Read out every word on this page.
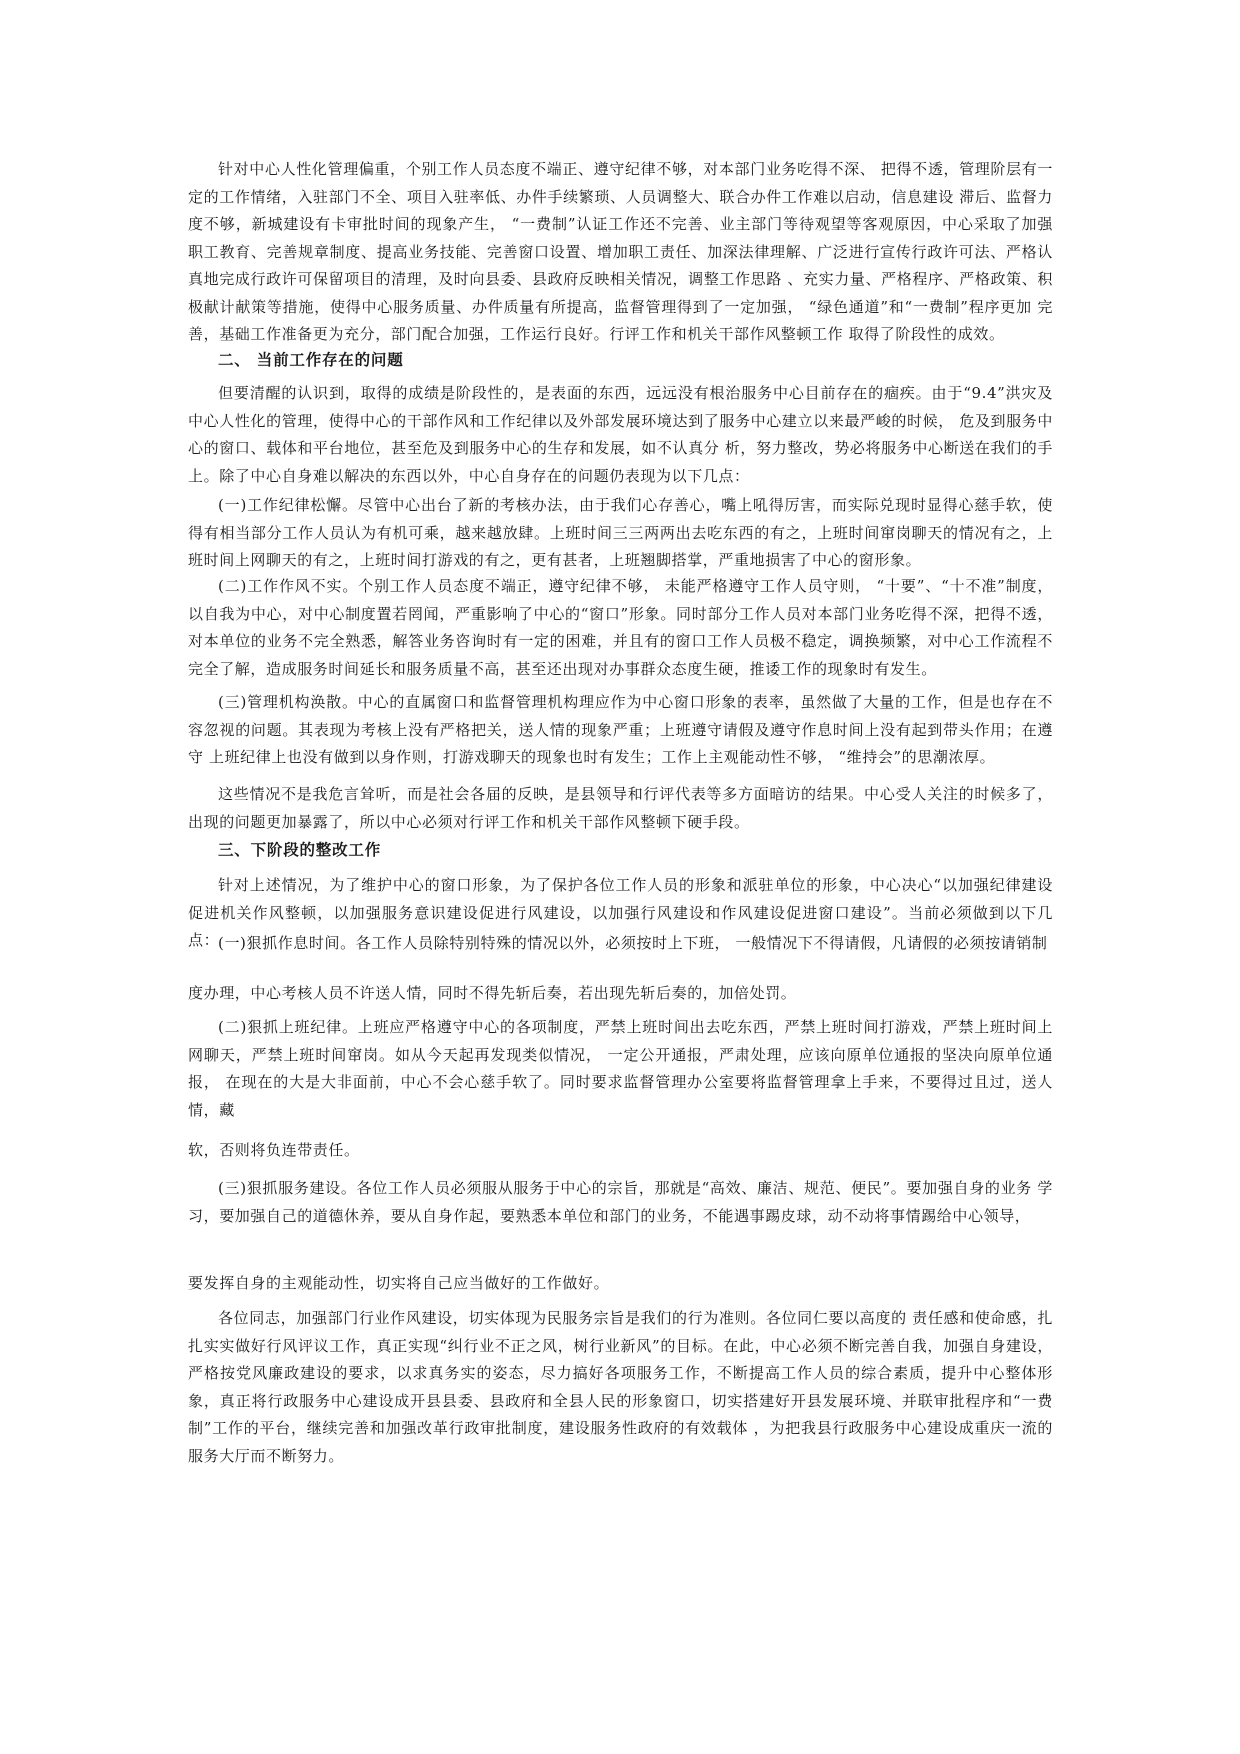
针对中心人性化管理偏重，个别工作人员态度不端正、遵守纪律不够，对本部门业务吃得不深、 把得不透，管理阶层有一 定的工作情绪，入驻部门不全、项目入驻率低、办件手续繁琐、人员调整大、联合办件工作难以启动，信息建设 滞后、监督力 度不够，新城建设有卡审批时间的现象产生， “一费制”认证工作还不完善、业主部门等待观望等客观原因，中心采取了加强 职工教育、完善规章制度、提高业务技能、完善窗口设置、增加职工责任、加深法律理解、广泛进行宣传行政许可法、严格认 真地完成行政许可保留项目的清理，及时向县委、县政府反映相关情况，调整工作思路 、充实力量、严格程序、严格政策、积 极献计献策等措施，使得中心服务质量、办件质量有所提高，监督管理得到了一定加强， “绿色通道”和“一费制”程序更加 完善，基础工作准备更为充分，部门配合加强，工作运行良好。行评工作和机关干部作风整顿工作 取得了阶段性的成效。

二、 当前工作存在的问题

但要清醒的认识到，取得的成绩是阶段性的，是表面的东西，远远没有根治服务中心目前存在的痼疾。由于“9.4”洪灾及 中心人性化的管理，使得中心的干部作风和工作纪律以及外部发展环境达到了服务中心建立以来最严峻的时候， 危及到服务中 心的窗口、载体和平台地位，甚至危及到服务中心的生存和发展，如不认真分 析，努力整改，势必将服务中心断送在我们的手 上。除了中心自身难以解决的东西以外，中心自身存在的问题仍表现为以下几点：

(一)工作纪律松懈。尽管中心出台了新的考核办法，由于我们心存善心，嘴上吼得厉害，而实际兑现时显得心慈手软，使 得有相当部分工作人员认为有机可乘，越来越放肆。上班时间三三两两出去吃东西的有之，上班时间窜岗聊天的情况有之，上 班时间上网聊天的有之，上班时间打游戏的有之，更有甚者，上班翘脚搭掌，严重地损害了中心的窗形象。

(二)工作作风不实。个别工作人员态度不端正，遵守纪律不够， 未能严格遵守工作人员守则， “十要”、“十不准”制度， 以自我为中心，对中心制度置若罔闻，严重影响了中心的“窗口”形象。同时部分工作人员对本部门业务吃得不深，把得不透， 对本单位的业务不完全熟悉，解答业务咨询时有一定的困难，并且有的窗口工作人员极不稳定，调换频繁，对中心工作流程不 完全了解，造成服务时间延长和服务质量不高，甚至还出现对办事群众态度生硬，推诿工作的现象时有发生。

(三)管理机构涣散。中心的直属窗口和监督管理机构理应作为中心窗口形象的表率，虽然做了大量的工作，但是也存在不 容忽视的问题。其表现为考核上没有严格把关，送人情的现象严重；上班遵守请假及遵守作息时间上没有起到带头作用；在遵守 上班纪律上也没有做到以身作则，打游戏聊天的现象也时有发生；工作上主观能动性不够， “维持会”的思潮浓厚。

这些情况不是我危言耸听，而是社会各届的反映，是县领导和行评代表等多方面暗访的结果。中心受人关注的时候多了， 出现的问题更加暴露了，所以中心必须对行评工作和机关干部作风整顿下硬手段。

三、下阶段的整改工作

针对上述情况，为了维护中心的窗口形象，为了保护各位工作人员的形象和派驻单位的形象，中心决心“以加强纪律建设促进机关作风整顿，以加强服务意识建设促进行风建设，以加强行风建设和作风建设促进窗口建设”。当前必须做到以下几点：

(一)狠抓作息时间。各工作人员除特别特殊的情况以外，必须按时上下班， 一般情况下不得请假，凡请假的必须按请销制

度办理，中心考核人员不许送人情，同时不得先斩后奏，若出现先斩后奏的，加倍处罚。

(二)狠抓上班纪律。上班应严格遵守中心的各项制度，严禁上班时间出去吃东西，严禁上班时间打游戏，严禁上班时间上网聊天，严禁上班时间窜岗。如从今天起再发现类似情况， 一定公开通报，严肃处理，应该向原单位通报的坚决向原单位通报， 在现在的大是大非面前，中心不会心慈手软了。同时要求监督管理办公室要将监督管理拿上手来，不要得过且过，送人情，藏

软，否则将负连带责任。

(三)狠抓服务建设。各位工作人员必须服从服务于中心的宗旨，那就是“高效、廉洁、规范、便民”。要加强自身的业务 学习，要加强自己的道德休养，要从自身作起，要熟悉本单位和部门的业务，不能遇事踢皮球，动不动将事情踢给中心领导，

要发挥自身的主观能动性，切实将自己应当做好的工作做好。

各位同志，加强部门行业作风建设，切实体现为民服务宗旨是我们的行为准则。各位同仁要以高度的 责任感和使命感，扎扎实实做好行风评议工作，真正实现“纠行业不正之风，树行业新风”的目标。在此，中心必须不断完善自我，加强自身建设，严格按党风廉政建设的要求，以求真务实的姿态，尽力搞好各项服务工作，不断提高工作人员的综合素质，提升中心整体形象，真正将行政服务中心建设成开县县委、县政府和全县人民的形象窗口，切实搭建好开县发展环境、并联审批程序和“一费制”工作的平台，继续完善和加强改革行政审批制度，建设服务性政府的有效载体 ，为把我县行政服务中心建设成重庆一流的服务大厅而不断努力。
